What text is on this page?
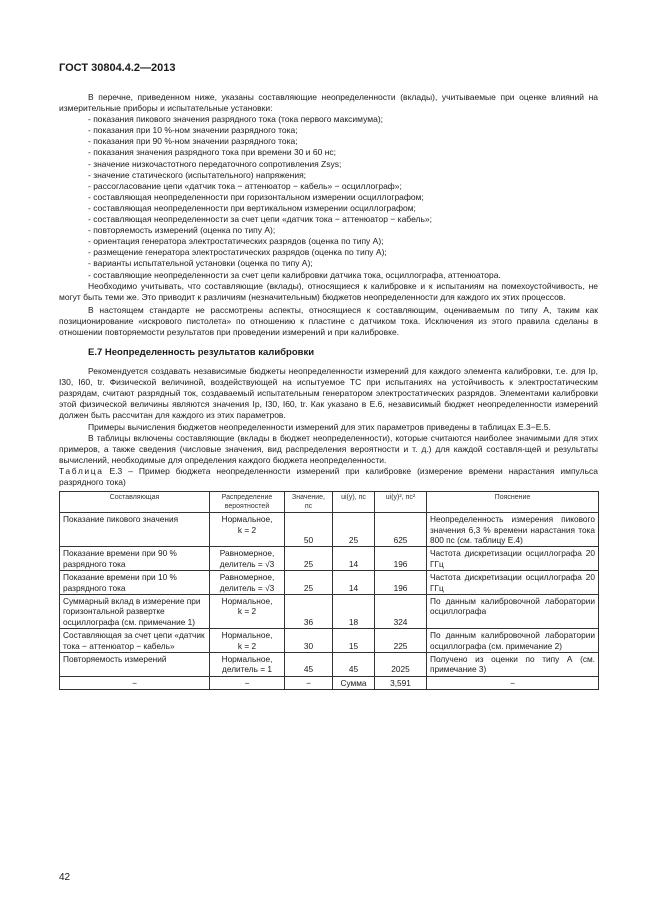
ГОСТ 30804.4.2—2013

В перечне, приведенном ниже, указаны составляющие неопределенности (вклады), учитываемые при оценке влияний на измерительные приборы и испытательные установки:

- показания пикового значения разрядного тока (тока первого максимума);

- показания при 10 %-ном значении разрядного тока;

- показания при 90 %-ном значении разрядного тока;

- показания значения разрядного тока при времени 30 и 60 нс;

- значение низкочастотного передаточного сопротивления Zsys;

- значение статического (испытательного) напряжения;

- рассогласование цепи «датчик тока − аттенюатор − кабель» − осциллограф»;

- составляющая неопределенности при горизонтальном измерении осциллографом;

- составляющая неопределенности при вертикальном измерении осциллографом;

- составляющая неопределенности за счет цепи «датчик тока − аттенюатор − кабель»;

- повторяемость измерений (оценка по типу А);

- ориентация генератора электростатических разрядов (оценка по типу А);

- размещение генератора электростатических разрядов (оценка по типу А);

- варианты испытательной установки (оценка по типу А);

- составляющие неопределенности за счет цепи калибровки датчика тока, осциллографа, аттенюатора.

Необходимо учитывать, что составляющие (вклады), относящиеся к калибровке и к испытаниям на помехоустойчивость, не могут быть теми же. Это приводит к различиям (незначительным) бюджетов неопределенности для каждого их этих процессов.

В настоящем стандарте не рассмотрены аспекты, относящиеся к составляющим, оцениваемым по типу А, таким как позиционирование «искрового пистолета» по отношению к пластине с датчиком тока. Исключения из этого правила сделаны в отношении повторяемости результатов при проведении измерений и при калибровке.

Е.7 Неопределенность результатов калибровки

Рекомендуется создавать независимые бюджеты неопределенности измерений для каждого элемента калибровки, т.е. для Iр, I30, I60, tr. Физической величиной, воздействующей на испытуемое ТС при испытаниях на устойчивость к электростатическим разрядам, считают разрядный ток, создаваемый испытательным генератором электростатических разрядов. Элементами калибровки этой физической величины являются значения Iр, I30, I60, tr. Как указано в Е.6, независимый бюджет неопределенности измерений должен быть рассчитан для каждого из этих параметров.

Примеры вычисления бюджетов неопределенности измерений для этих параметров приведены в таблицах Е.3−Е.5.

В таблицы включены составляющие (вклады в бюджет неопределенности), которые считаются наиболее значимыми для этих примеров, а также сведения (числовые значения, вид распределения вероятности и т. д.) для каждой составля-щей и результаты вычислений, необходимые для определения каждого бюджета неопределенности.

Таблица Е.3 – Пример бюджета неопределенности измерений при калибровке (измерение времени нарастания импульса разрядного тока)

Составляющая	Распределение вероятностей	Значение, пс	ui(y), пс	ui(y)², пс²	Пояснение
Показание пикового значения	Нормальное,
k = 2	50	25	625	Неопределенность измерения пикового значения 6,3 % времени нарастания тока 800 пс (см. таблицу Е.4)
Показание времени при 90 % разрядного тока	Равномерное,
делитель = √3	25	14	196	Частота дискретизации осциллографа 20 ГГц
Показание времени при 10 % разрядного тока	Равномерное,
делитель = √3	25	14	196	Частота дискретизации осциллографа 20 ГГц
Суммарный вклад в измерение при горизонтальной развертке осциллографа (см. примечание 1)	Нормальное,
k = 2	36	18	324	По данным калибровочной лаборатории осциллографа
Составляющая за счет цепи «датчик тока − аттенюатор − кабель»	Нормальное,
k = 2	30	15	225	По данным калибровочной лаборатории осциллографа (см. примечание 2)
Повторяемость измерений	Нормальное,
делитель = 1	45	45	2025	Получено из оценки по типу А (см. примечание 3)
−	−	−	Сумма	3,591	−
42
